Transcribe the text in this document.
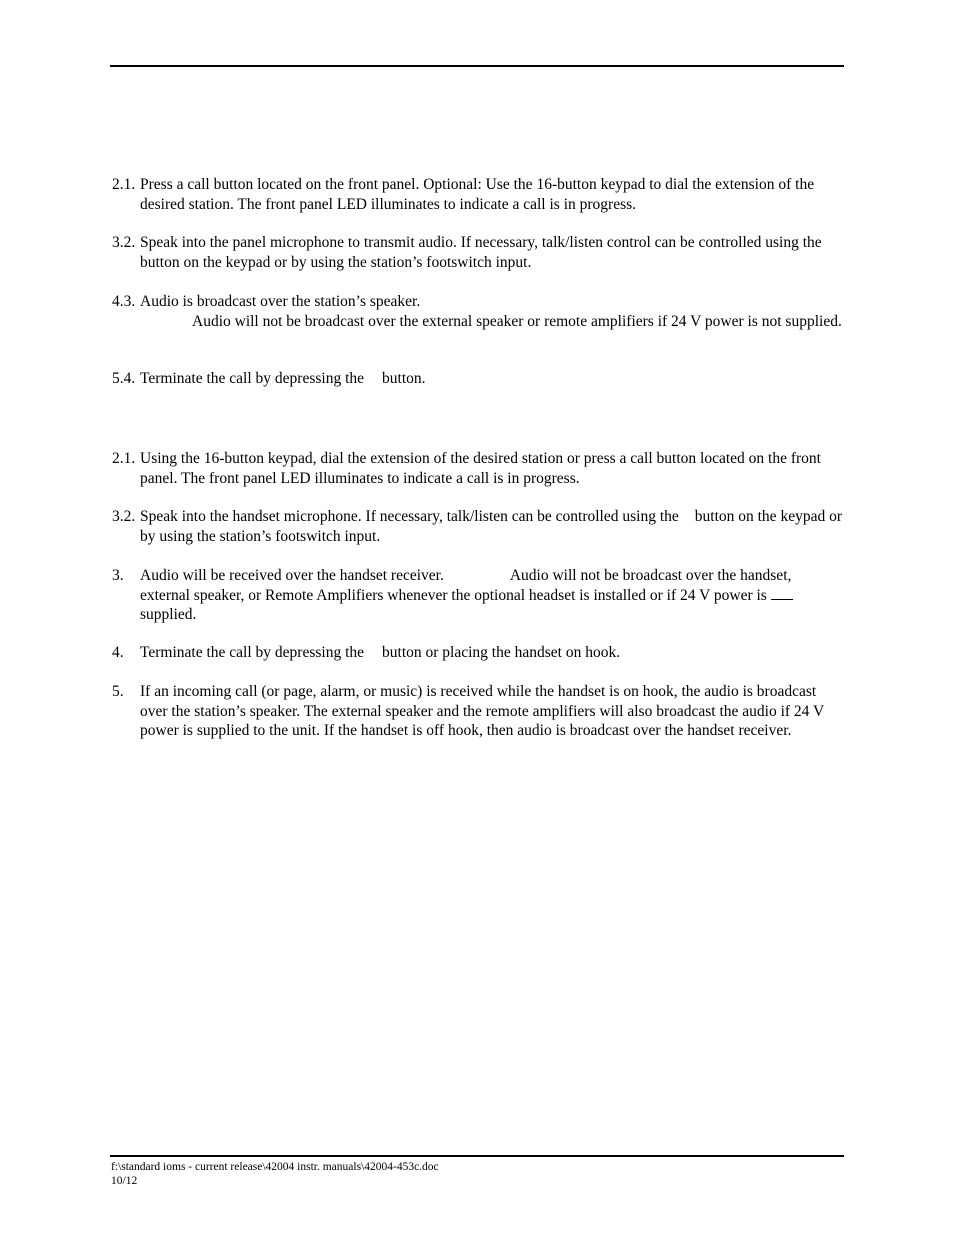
2.1. Press a call button located on the front panel. Optional: Use the 16-button keypad to dial the extension of the desired station. The front panel LED illuminates to indicate a call is in progress.
3.2. Speak into the panel microphone to transmit audio. If necessary, talk/listen control can be controlled using thebutton on the keypad or by using the station’s footswitch input.
4.3. Audio is broadcast over the station’s speaker.
Audio will not be broadcast over the external speaker or remote amplifiers if 24 V power is not supplied.
5.4. Terminate the call by depressing the button.
2.1. Using the 16-button keypad, dial the extension of the desired station or press a call button located on the front panel. The front panel LED illuminates to indicate a call is in progress.
3.2. Speak into the handset microphone. If necessary, talk/listen can be controlled using the button on the keypad or by using the station’s footswitch input.
3. Audio will be received over the handset receiver.	Audio will not be broadcast over the handset, external speaker, or Remote Amplifiers whenever the optional headset is installed or if 24 V power is  supplied.
4. Terminate the call by depressing the button or placing the handset on hook.
5. If an incoming call (or page, alarm, or music) is received while the handset is on hook, the audio is broadcast over the station’s speaker. The external speaker and the remote amplifiers will also broadcast the audio if 24 V power is supplied to the unit. If the handset is off hook, then audio is broadcast over the handset receiver.
f:\standard ioms - current release\42004 instr. manuals\42004-453c.doc
10/12
